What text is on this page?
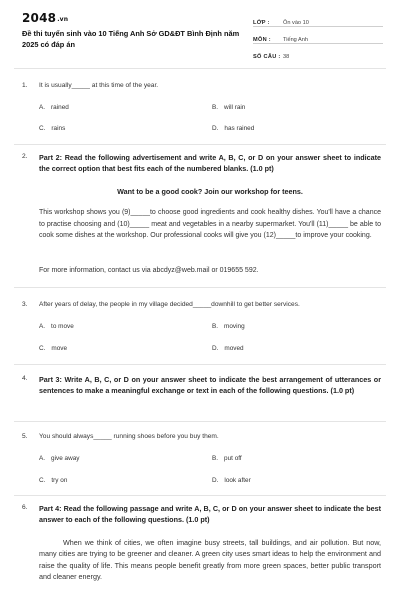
2048.vn
Đề thi tuyển sinh vào 10 Tiếng Anh Sở GD&ĐT Bình Định năm 2025 có đáp án
LỚP :	Ôn vào 10
MÔN :	Tiếng Anh
SỐ CÂU : 38
1. It is usually_____ at this time of the year.
A. rained	B. will rain
C. rains	D. has rained
2. Part 2: Read the following advertisement and write A, B, C, or D on your answer sheet to indicate the correct option that best fits each of the numbered blanks. (1.0 pt)
Want to be a good cook? Join our workshop for teens.
This workshop shows you (9)_____to choose good ingredients and cook healthy dishes. You'll have a chance to practise choosing and (10)_____ meat and vegetables in a nearby supermarket. You'll (11)_____ be able to cook some dishes at the workshop. Our professional cooks will give you (12)_____to improve your cooking.
For more information, contact us via abcdyz@web.mail or 019655 592.
3. After years of delay, the people in my village decided_____downhill to get better services.
A. to move	B. moving
C. move	D. moved
4. Part 3: Write A, B, C, or D on your answer sheet to indicate the best arrangement of utterances or sentences to make a meaningful exchange or text in each of the following questions. (1.0 pt)
5. You should always_____ running shoes before you buy them.
A. give away	B. put off
C. try on	D. look after
6. Part 4: Read the following passage and write A, B, C, or D on your answer sheet to indicate the best answer to each of the following questions. (1.0 pt)
When we think of cities, we often imagine busy streets, tall buildings, and air pollution. But now, many cities are trying to be greener and cleaner. A green city uses smart ideas to help the environment and raise the quality of life. This means people benefit greatly from more green spaces, better public transport and cleaner energy.
